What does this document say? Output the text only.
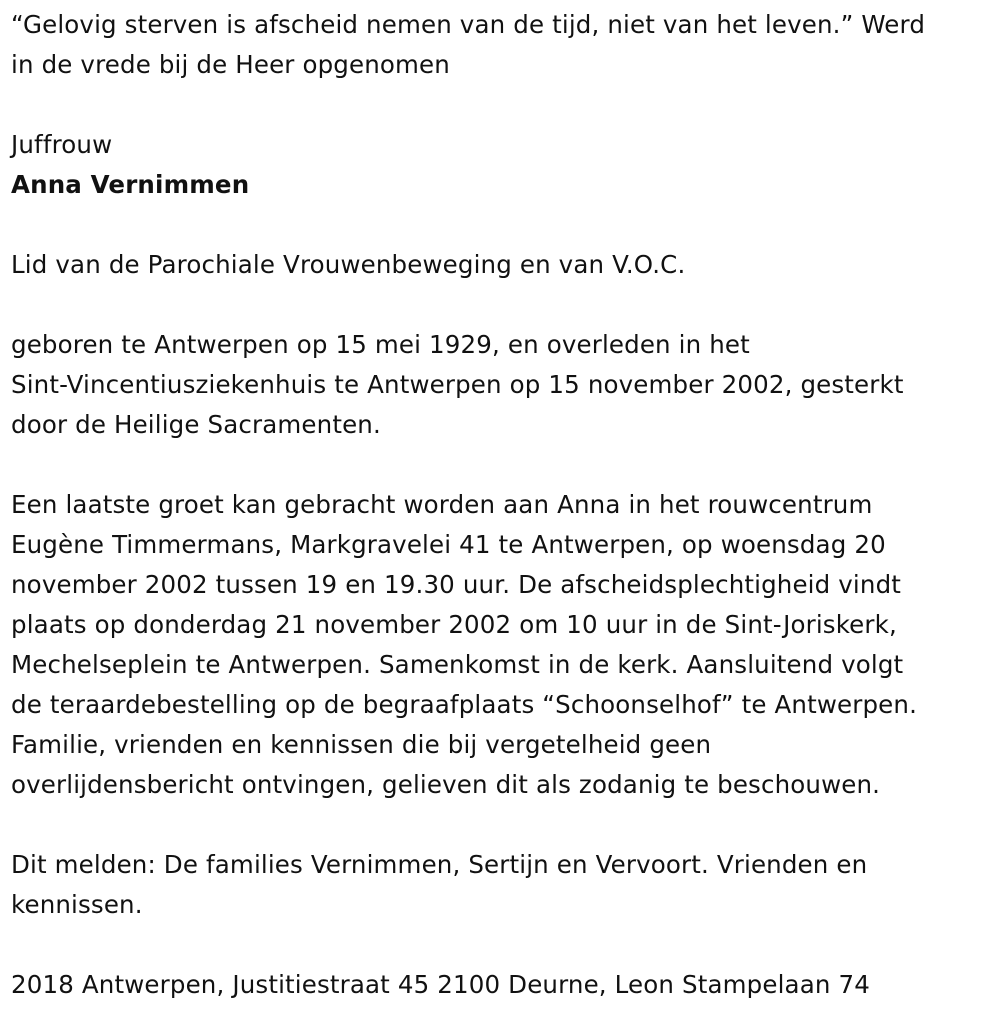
“Gelovig sterven is afscheid nemen van de tijd, niet van het leven.” Werd
in de vrede bij de Heer opgenomen

Juffrouw

Anna Vernimmen

Lid van de Parochiale Vrouwenbeweging en van V.O.C.

geboren te Antwerpen op 15 mei 1929, en overleden in het
Sint-Vincentiusziekenhuis te Antwerpen op 15 november 2002, gesterkt
door de Heilige Sacramenten.

Een laatste groet kan gebracht worden aan Anna in het rouwcentrum
Eugène Timmermans, Markgravelei 41 te Antwerpen, op woensdag 20
november 2002 tussen 19 en 19.30 uur. De afscheidsplechtigheid vindt
plaats op donderdag 21 november 2002 om 10 uur in de Sint-Joriskerk,
Mechelseplein te Antwerpen. Samenkomst in de kerk. Aansluitend volgt
de teraardebestelling op de begraafplaats “Schoonselhof” te Antwerpen.
Familie, vrienden en kennissen die bij vergetelheid geen
overlijdensbericht ontvingen, gelieven dit als zodanig te beschouwen.

Dit melden: De families Vernimmen, Sertijn en Vervoort. Vrienden en
kennissen.

2018 Antwerpen, Justitiestraat 45 2100 Deurne, Leon Stampelaan 74
